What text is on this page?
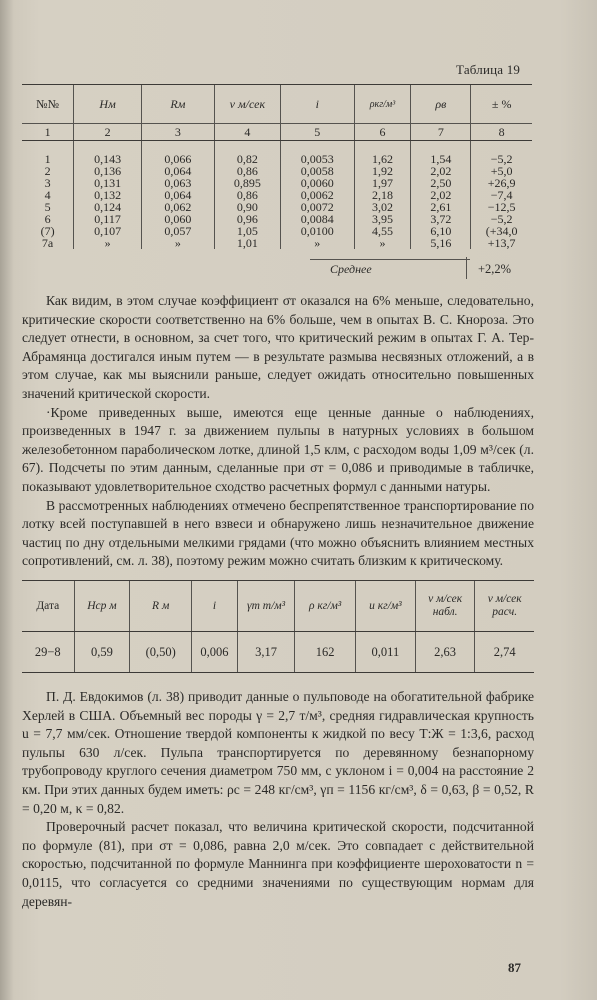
Таблица 19
№№	Hм	Rм	v м/сек	i	ρкг/м³	ρв	± %
1	2	3	4	5	6	7	8
1	0,143	0,066	0,82	0,0053	1,62	1,54	−5,2
2	0,136	0,064	0,86	0,0058	1,92	2,02	+5,0
3	0,131	0,063	0,895	0,0060	1,97	2,50	+26,9
4	0,132	0,064	0,86	0,0062	2,18	2,02	−7,4
5	0,124	0,062	0,90	0,0072	3,02	2,61	−12,5
6	0,117	0,060	0,96	0,0084	3,95	3,72	−5,2
(7)	0,107	0,057	1,05	0,0100	4,55	6,10	(+34,0
7а	»	»	1,01	»	»	5,16	+13,7
Среднее	+2,2%

Как видим, в этом случае коэффициент σт оказался на 6% меньше, следовательно, критические скорости соответственно на 6% больше, чем в опытах В. С. Кнороза. Это следует отнести, в основном, за счет того, что критический режим в опытах Г. А. Тер-Абрамянца достигался иным путем — в результате размыва несвязных отложений, а в этом случае, как мы выяснили раньше, следует ожидать относительно повышенных значений критической скорости.

·Кроме приведенных выше, имеются еще ценные данные о наблюдениях, произведенных в 1947 г. за движением пульпы в натурных условиях в большом железобетонном параболическом лотке, длиной 1,5 клм, с расходом воды 1,09 м³/сек (л. 67). Подсчеты по этим данным, сделанные при σт = 0,086 и приводимые в табличке, показывают удовлетворительное сходство расчетных формул с данными натуры.

В рассмотренных наблюдениях отмечено беспрепятственное транспортирование по лотку всей поступавшей в него взвеси и обнаружено лишь незначительное движение частиц по дну отдельными мелкими грядами (что можно объяснить влиянием местных сопротивлений, см. л. 38), поэтому режим можно считать близким к критическому.

Дата	Hср м	R м	i	γт т/м³	ρ кг/м³	u кг/м³	v м/сек набл.	v м/сек расч.
29−8	0,59	(0,50)	0,006	3,17	162	0,011	2,63	2,74

П. Д. Евдокимов (л. 38) приводит данные о пульповоде на обогатительной фабрике Херлей в США. Объемный вес породы γ = 2,7 т/м³, средняя гидравлическая крупность u = 7,7 мм/сек. Отношение твердой компоненты к жидкой по весу Т:Ж = 1:3,6, расход пульпы 630 л/сек. Пульпа транспортируется по деревянному безнапорному трубопроводу круглого сечения диаметром 750 мм, с уклоном i = 0,004 на расстояние 2 км. При этих данных будем иметь: ρс = 248 кг/см³, γп = 1156 кг/см³, δ = 0,63, β = 0,52, R = 0,20 м, κ = 0,82.

Проверочный расчет показал, что величина критической скорости, подсчитанной по формуле (81), при σт = 0,086, равна 2,0 м/сек. Это совпадает с действительной скоростью, подсчитанной по формуле Маннинга при коэффициенте шероховатости n = 0,0115, что согласуется со средними значениями по существующим нормам для деревян-

87
